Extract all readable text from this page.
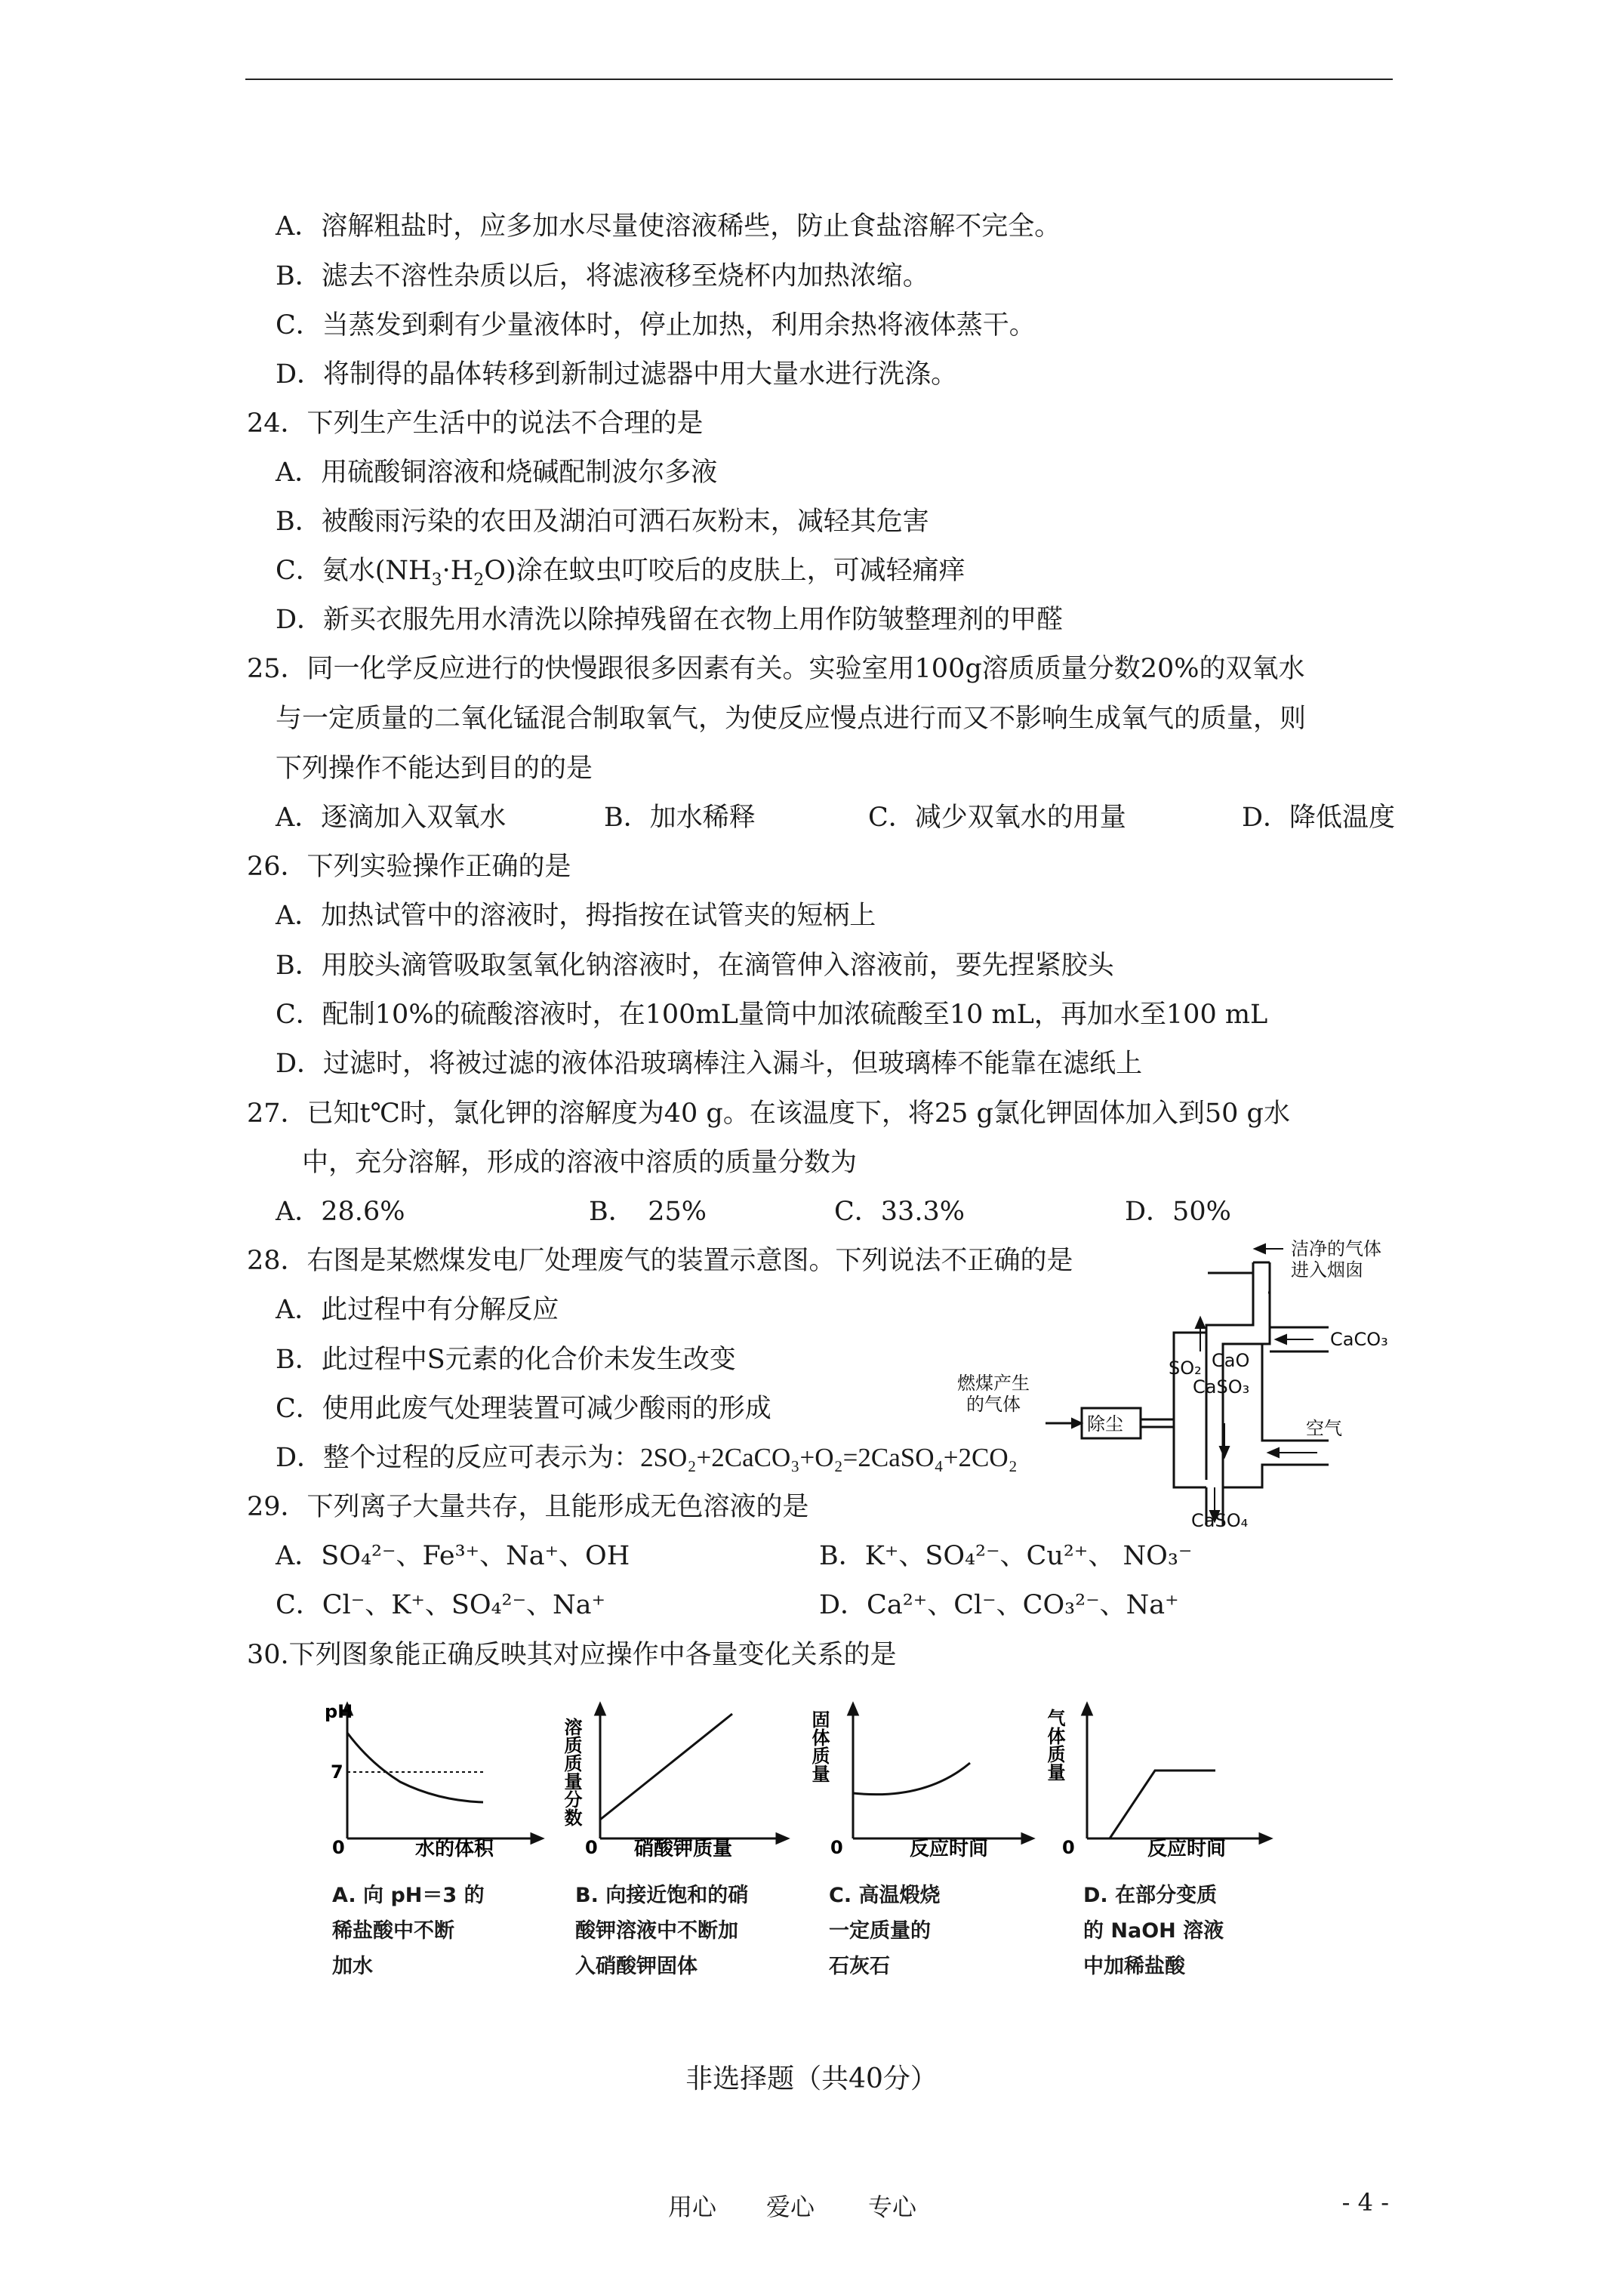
A．溶解粗盐时，应多加水尽量使溶液稀些，防止食盐溶解不完全。
B．滤去不溶性杂质以后，将滤液移至烧杯内加热浓缩。
C．当蒸发到剩有少量液体时，停止加热，利用余热将液体蒸干。
D．将制得的晶体转移到新制过滤器中用大量水进行洗涤。
24．下列生产生活中的说法不合理的是
A．用硫酸铜溶液和烧碱配制波尔多液
B．被酸雨污染的农田及湖泊可洒石灰粉末，减轻其危害
C．氨水$(NH_3\cdot H_2O)$涂在蚊虫叮咬后的皮肤上，可减轻痛痒
D．新买衣服先用水清洗以除掉残留在衣物上用作防皱整理剂的甲醛
25．同一化学反应进行的快慢跟很多因素有关。实验室用100g溶质质量分数20%的双氧水
与一定质量的二氧化锰混合制取氧气，为使反应慢点进行而又不影响生成氧气的质量，则
下列操作不能达到目的的是
A．逐滴加入双氧水	B．加水稀释	C．减少双氧水的用量	D．降低温度
26．下列实验操作正确的是
A．加热试管中的溶液时，拇指按在试管夹的短柄上
B．用胶头滴管吸取氢氧化钠溶液时，在滴管伸入溶液前，要先捏紧胶头
C．配制10%的硫酸溶液时，在100mL量筒中加浓硫酸至10 mL，再加水至100 mL
D．过滤时，将被过滤的液体沿玻璃棒注入漏斗，但玻璃棒不能靠在滤纸上
27．已知t℃时，氯化钾的溶解度为40 g。在该温度下，将25 g氯化钾固体加入到50 g水
中，充分溶解，形成的溶液中溶质的质量分数为
A．28.6%	B．　25%	C．33.3%	D．50%
28．右图是某燃煤发电厂处理废气的装置示意图。下列说法不正确的是
A．此过程中有分解反应
B．此过程中S元素的化合价未发生改变
C．使用此废气处理装置可减少酸雨的形成
D．整个过程的反应可表示为：2SO₂+2CaCO₃+O₂=2CaSO₄+2CO₂
洁净的气体
进入烟囱
CaCO₃
SO₂ CaO
CaSO₃
燃煤产生
的气体
除尘	空气
CaSO₄
29．下列离子大量共存，且能形成无色溶液的是
A．SO₄²⁻、Fe³⁺、Na⁺、OH	B．K⁺、SO₄²⁻、Cu²⁺、 NO₃⁻
C．Cl⁻、K⁺、SO₄²⁻、Na⁺	D．Ca²⁺、Cl⁻、CO₃²⁻、Na⁺
30.下列图象能正确反映其对应操作中各量变化关系的是
pH
7
0	水的体积
A. 向 pH＝3 的
稀盐酸中不断
加水
溶质质量分数
0 硝酸钾质量
B. 向接近饱和的硝
酸钾溶液中不断加
入硝酸钾固体
固体质量
0	反应时间
C. 高温煅烧
一定质量的
石灰石
气体质量
0	反应时间
D. 在部分变质
的 NaOH 溶液
中加稀盐酸
非选择题（共40分）
用心 爱心 专心	- 4 -
